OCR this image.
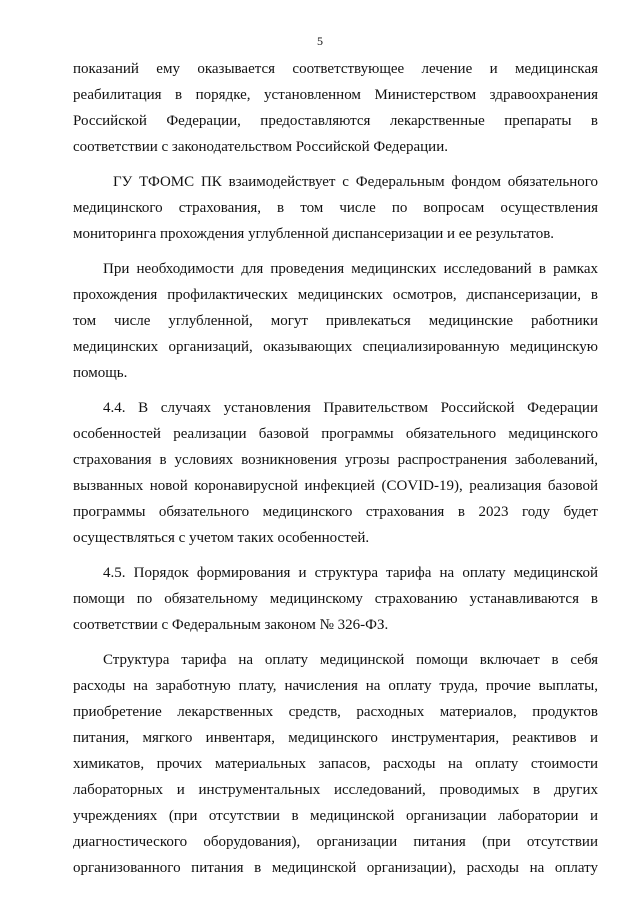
5
показаний ему оказывается соответствующее лечение и медицинская
реабилитация в порядке, установленном Министерством здравоохранения
Российской Федерации, предоставляются лекарственные препараты в
соответствии с законодательством Российской Федерации.
ГУ ТФОМС ПК взаимодействует с Федеральным фондом обязательного
медицинского страхования, в том числе по вопросам осуществления
мониторинга прохождения углубленной диспансеризации и ее результатов.
При необходимости для проведения медицинских исследований в рамках
прохождения профилактических медицинских осмотров, диспансеризации, в
том числе углубленной, могут привлекаться медицинские работники
медицинских организаций, оказывающих специализированную медицинскую
помощь.
4.4. В случаях установления Правительством Российской Федерации
особенностей реализации базовой программы обязательного медицинского
страхования в условиях возникновения угрозы распространения заболеваний,
вызванных новой коронавирусной инфекцией (COVID-19), реализация базовой
программы обязательного медицинского страхования в 2023 году будет
осуществляться с учетом таких особенностей.
4.5. Порядок формирования и структура тарифа на оплату медицинской
помощи по обязательному медицинскому страхованию устанавливаются в
соответствии с Федеральным законом № 326-ФЗ.
Структура тарифа на оплату медицинской помощи включает в себя
расходы на заработную плату, начисления на оплату труда, прочие выплаты,
приобретение лекарственных средств, расходных материалов, продуктов
питания, мягкого инвентаря, медицинского инструментария, реактивов и
химикатов, прочих материальных запасов, расходы на оплату стоимости
лабораторных и инструментальных исследований, проводимых в других
учреждениях (при отсутствии в медицинской организации лаборатории и
диагностического оборудования), организации питания (при отсутствии
организованного питания в медицинской организации), расходы на оплату
